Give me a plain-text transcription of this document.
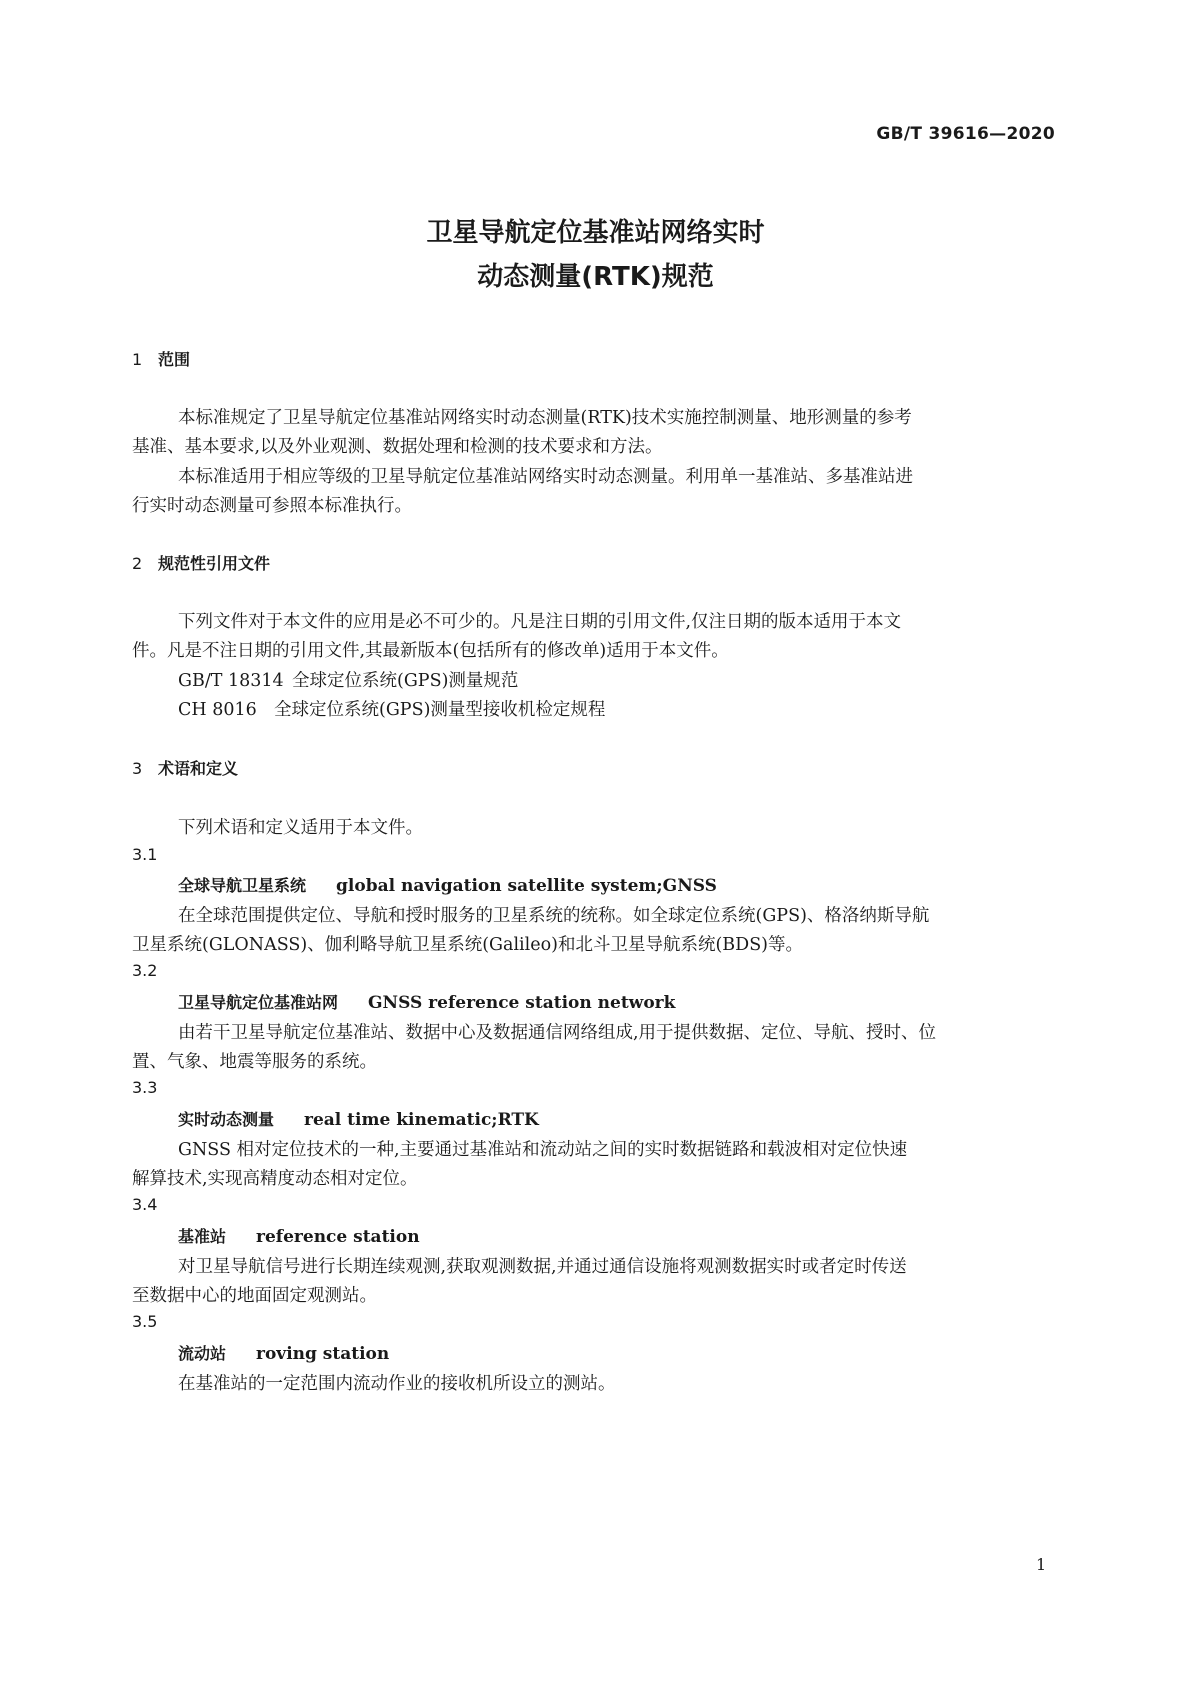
GB/T 39616—2020
卫星导航定位基准站网络实时
动态测量(RTK)规范
1 范围
本标准规定了卫星导航定位基准站网络实时动态测量(RTK)技术实施控制测量、地形测量的参考
基准、基本要求,以及外业观测、数据处理和检测的技术要求和方法。
本标准适用于相应等级的卫星导航定位基准站网络实时动态测量。利用单一基准站、多基准站进
行实时动态测量可参照本标准执行。
2 规范性引用文件
下列文件对于本文件的应用是必不可少的。凡是注日期的引用文件,仅注日期的版本适用于本文
件。凡是不注日期的引用文件,其最新版本(包括所有的修改单)适用于本文件。
GB/T 18314 全球定位系统(GPS)测量规范
CH 8016 全球定位系统(GPS)测量型接收机检定规程
3 术语和定义
下列术语和定义适用于本文件。
3.1
全球导航卫星系统 global navigation satellite system;GNSS
在全球范围提供定位、导航和授时服务的卫星系统的统称。如全球定位系统(GPS)、格洛纳斯导航
卫星系统(GLONASS)、伽利略导航卫星系统(Galileo)和北斗卫星导航系统(BDS)等。
3.2
卫星导航定位基准站网 GNSS reference station network
由若干卫星导航定位基准站、数据中心及数据通信网络组成,用于提供数据、定位、导航、授时、位
置、气象、地震等服务的系统。
3.3
实时动态测量 real time kinematic;RTK
GNSS 相对定位技术的一种,主要通过基准站和流动站之间的实时数据链路和载波相对定位快速
解算技术,实现高精度动态相对定位。
3.4
基准站 reference station
对卫星导航信号进行长期连续观测,获取观测数据,并通过通信设施将观测数据实时或者定时传送
至数据中心的地面固定观测站。
3.5
流动站 roving station
在基准站的一定范围内流动作业的接收机所设立的测站。
1
